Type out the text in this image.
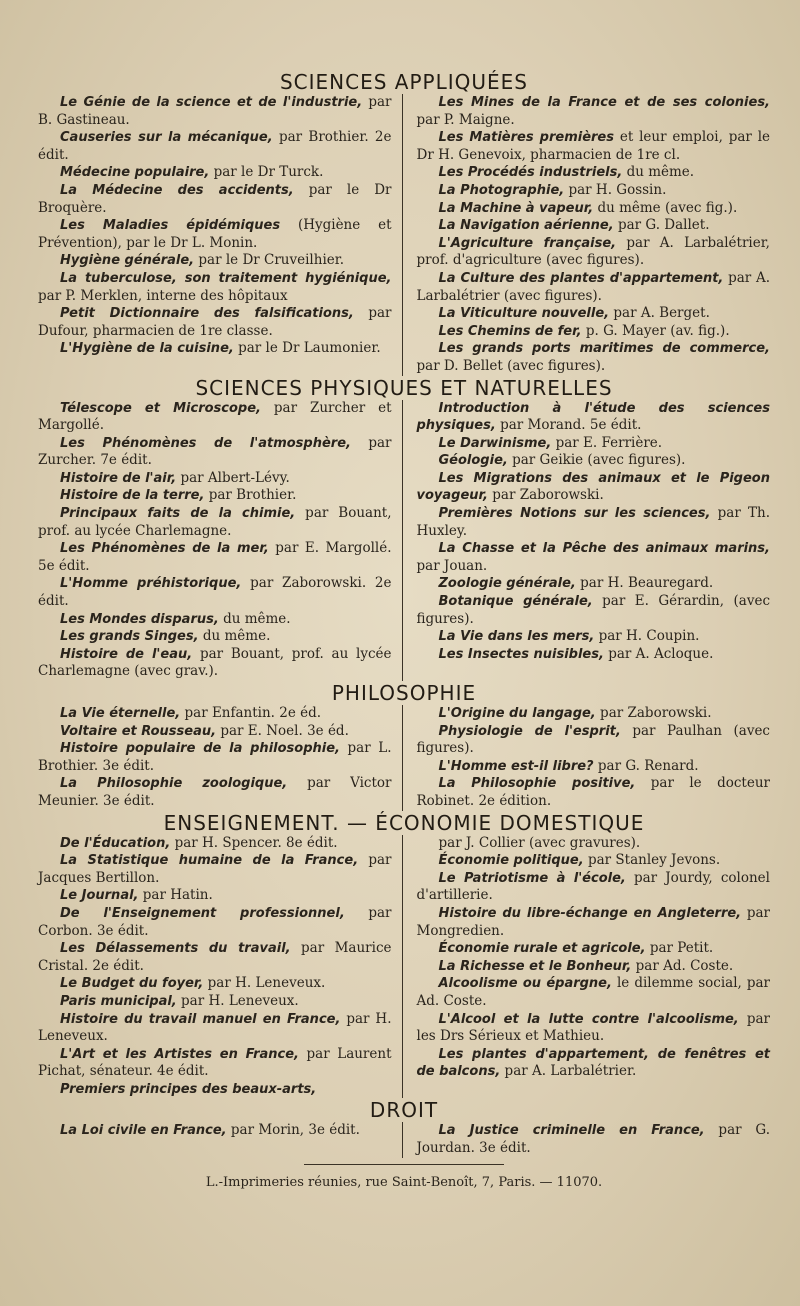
SCIENCES APPLIQUÉES

Le Génie de la science et de l'industrie, par B. Gastineau.

Causeries sur la mécanique, par Brothier. 2e édit.

Médecine populaire, par le Dr Turck.

La Médecine des accidents, par le Dr Broquère.

Les Maladies épidémiques (Hygiène et Prévention), par le Dr L. Monin.

Hygiène générale, par le Dr Cruveilhier.

La tuberculose, son traitement hygiénique, par P. Merklen, interne des hôpitaux

Petit Dictionnaire des falsifications, par Dufour, pharmacien de 1re classe.

L'Hygiène de la cuisine, par le Dr Laumonier.

Les Mines de la France et de ses colonies, par P. Maigne.

Les Matières premières et leur emploi, par le Dr H. Genevoix, pharmacien de 1re cl.

Les Procédés industriels, du même.

La Photographie, par H. Gossin.

La Machine à vapeur, du même (avec fig.).

La Navigation aérienne, par G. Dallet.

L'Agriculture française, par A. Larbalétrier, prof. d'agriculture (avec figures).

La Culture des plantes d'appartement, par A. Larbalétrier (avec figures).

La Viticulture nouvelle, par A. Berget.

Les Chemins de fer, p. G. Mayer (av. fig.).

Les grands ports maritimes de commerce, par D. Bellet (avec figures).

SCIENCES PHYSIQUES ET NATURELLES

Télescope et Microscope, par Zurcher et Margollé.

Les Phénomènes de l'atmosphère, par Zurcher. 7e édit.

Histoire de l'air, par Albert-Lévy.

Histoire de la terre, par Brothier.

Principaux faits de la chimie, par Bouant, prof. au lycée Charlemagne.

Les Phénomènes de la mer, par E. Margollé. 5e édit.

L'Homme préhistorique, par Zaborowski. 2e édit.

Les Mondes disparus, du même.

Les grands Singes, du même.

Histoire de l'eau, par Bouant, prof. au lycée Charlemagne (avec grav.).

Introduction à l'étude des sciences physiques, par Morand. 5e édit.

Le Darwinisme, par E. Ferrière.

Géologie, par Geikie (avec figures).

Les Migrations des animaux et le Pigeon voyageur, par Zaborowski.

Premières Notions sur les sciences, par Th. Huxley.

La Chasse et la Pêche des animaux marins, par Jouan.

Zoologie générale, par H. Beauregard.

Botanique générale, par E. Gérardin, (avec figures).

La Vie dans les mers, par H. Coupin.

Les Insectes nuisibles, par A. Acloque.

PHILOSOPHIE

La Vie éternelle, par Enfantin. 2e éd.

Voltaire et Rousseau, par E. Noel. 3e éd.

Histoire populaire de la philosophie, par L. Brothier. 3e édit.

La Philosophie zoologique, par Victor Meunier. 3e édit.

L'Origine du langage, par Zaborowski.

Physiologie de l'esprit, par Paulhan (avec figures).

L'Homme est-il libre? par G. Renard.

La Philosophie positive, par le docteur Robinet. 2e édition.

ENSEIGNEMENT. — ÉCONOMIE DOMESTIQUE

De l'Éducation, par H. Spencer. 8e édit.

La Statistique humaine de la France, par Jacques Bertillon.

Le Journal, par Hatin.

De l'Enseignement professionnel, par Corbon. 3e édit.

Les Délassements du travail, par Maurice Cristal. 2e édit.

Le Budget du foyer, par H. Leneveux.

Paris municipal, par H. Leneveux.

Histoire du travail manuel en France, par H. Leneveux.

L'Art et les Artistes en France, par Laurent Pichat, sénateur. 4e édit.

Premiers principes des beaux-arts,

par J. Collier (avec gravures).

Économie politique, par Stanley Jevons.

Le Patriotisme à l'école, par Jourdy, colonel d'artillerie.

Histoire du libre-échange en Angleterre, par Mongredien.

Économie rurale et agricole, par Petit.

La Richesse et le Bonheur, par Ad. Coste.

Alcoolisme ou épargne, le dilemme social, par Ad. Coste.

L'Alcool et la lutte contre l'alcoolisme, par les Drs Sérieux et Mathieu.

Les plantes d'appartement, de fenêtres et de balcons, par A. Larbalétrier.

DROIT

La Loi civile en France, par Morin, 3e édit.	La Justice criminelle en France, par G. Jourdan. 3e édit.

L.-Imprimeries réunies, rue Saint-Benoît, 7, Paris. — 11070.
